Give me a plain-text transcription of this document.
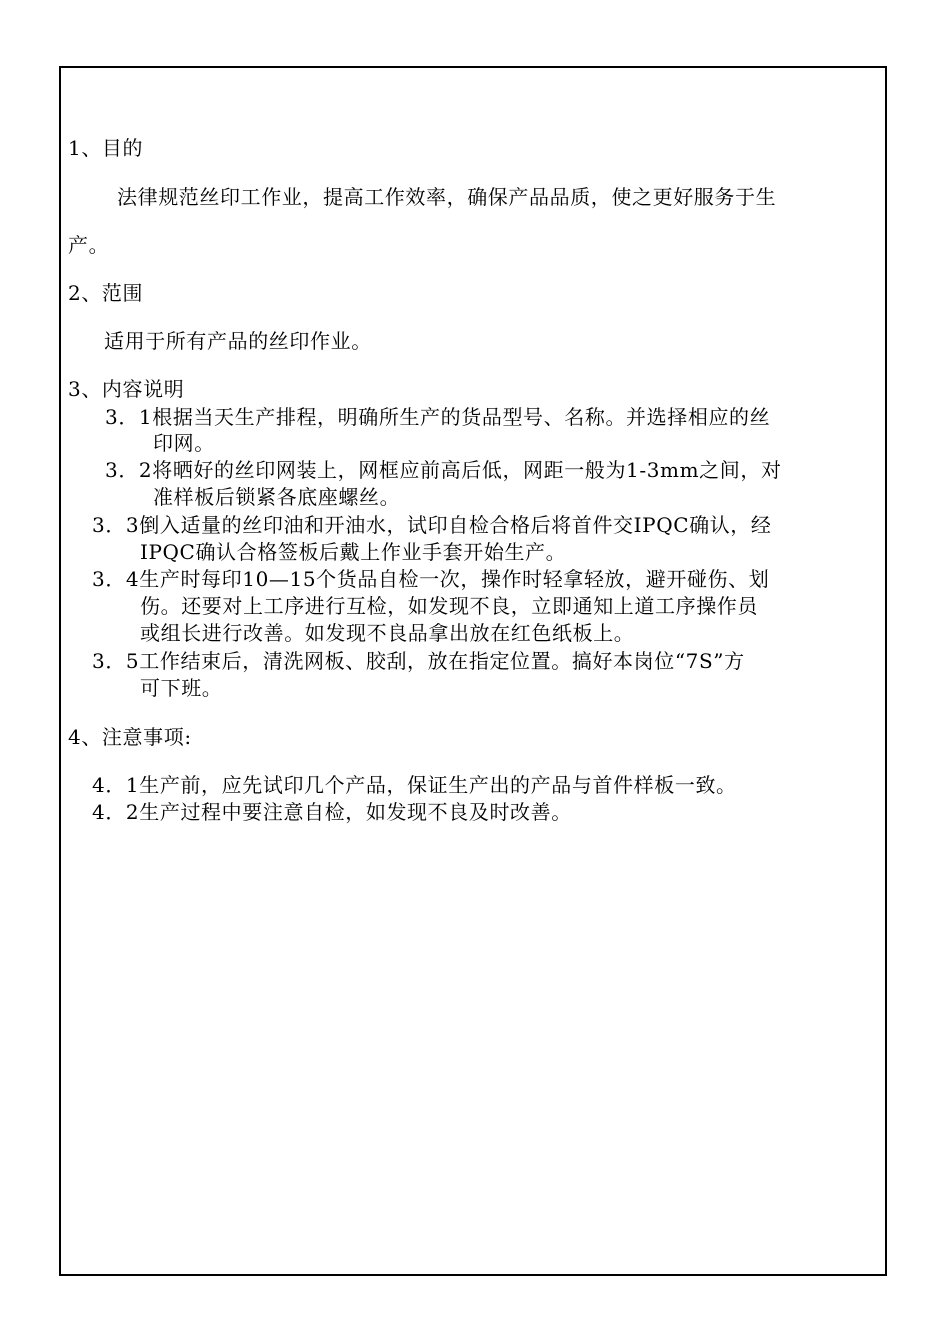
1、目的
法律规范丝印工作业，提高工作效率，确保产品品质，使之更好服务于生
产。
2、范围
适用于所有产品的丝印作业。
3、内容说明
3．1根据当天生产排程，明确所生产的货品型号、名称。并选择相应的丝
印网。
3．2将晒好的丝印网装上，网框应前高后低，网距一般为1-3mm之间，对
准样板后锁紧各底座螺丝。
3．3倒入适量的丝印油和开油水，试印自检合格后将首件交IPQC确认，经
IPQC确认合格签板后戴上作业手套开始生产。
3．4生产时每印10—15个货品自检一次，操作时轻拿轻放，避开碰伤、划
伤。还要对上工序进行互检，如发现不良，立即通知上道工序操作员
或组长进行改善。如发现不良品拿出放在红色纸板上。
3．5工作结束后，清洗网板、胶刮，放在指定位置。搞好本岗位“7S”方
可下班。
4、注意事项:
4．1生产前，应先试印几个产品，保证生产出的产品与首件样板一致。
4．2生产过程中要注意自检，如发现不良及时改善。
